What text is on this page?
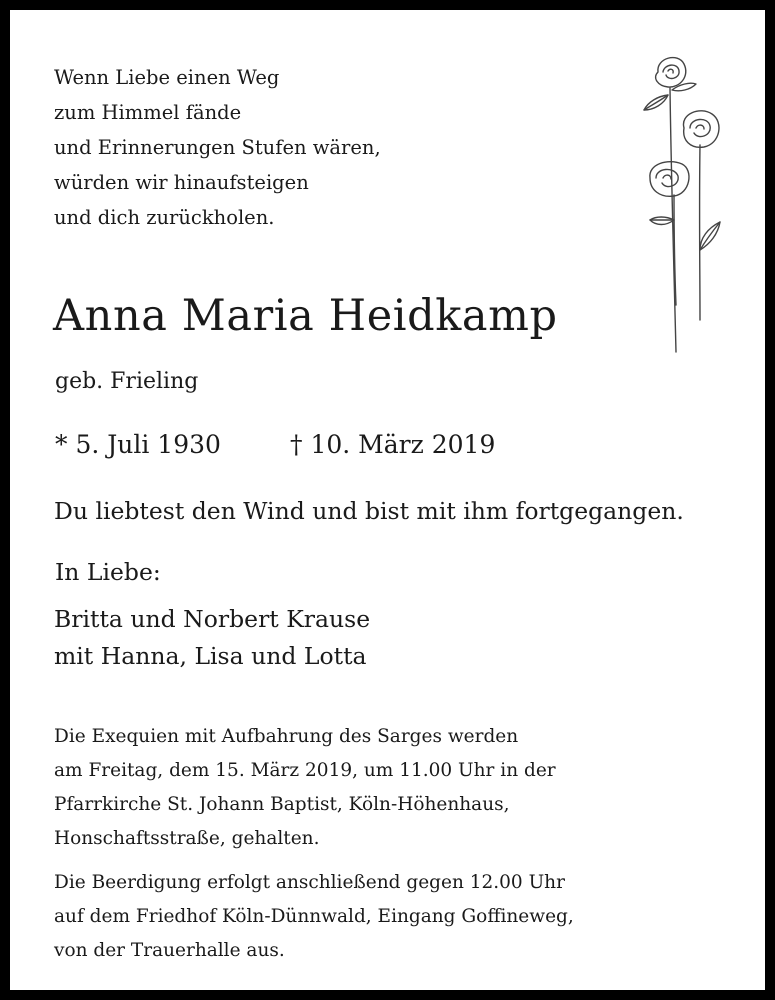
Wenn Liebe einen Weg
zum Himmel fände
und Erinnerungen Stufen wären,
würden wir hinaufsteigen
und dich zurückholen.
Anna Maria Heidkamp
geb. Frieling
* 5. Juli 1930	† 10. März 2019
Du liebtest den Wind und bist mit ihm fortgegangen.
In Liebe:
Britta und Norbert Krause
mit Hanna, Lisa und Lotta
Die Exequien mit Aufbahrung des Sarges werden
am Freitag, dem 15. März 2019, um 11.00 Uhr in der
Pfarrkirche St. Johann Baptist, Köln-Höhenhaus,
Honschaftsstraße, gehalten.
Die Beerdigung erfolgt anschließend gegen 12.00 Uhr
auf dem Friedhof Köln-Dünnwald, Eingang Goffineweg,
von der Trauerhalle aus.
